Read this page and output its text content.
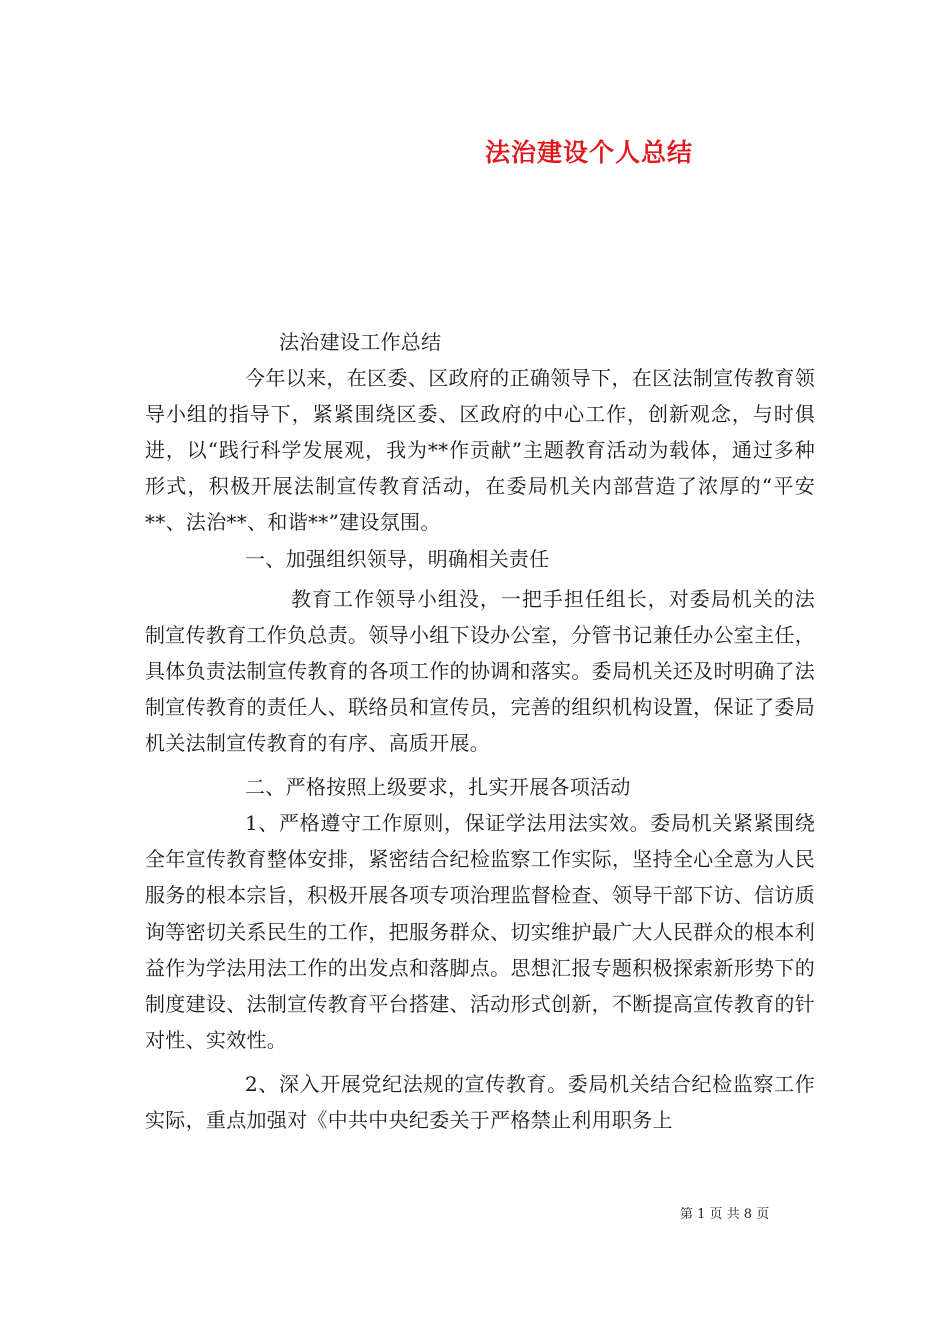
法治建设个人总结

法治建设工作总结

今年以来，在区委、区政府的正确领导下，在区法制宣传教育领导小组的指导下，紧紧围绕区委、区政府的中心工作，创新观念，与时俱进，以“践行科学发展观，我为**作贡献”主题教育活动为载体，通过多种形式，积极开展法制宣传教育活动，在委局机关内部营造了浓厚的“平安**、法治**、和谐**”建设氛围。

一、加强组织领导，明确相关责任

教育工作领导小组没，一把手担任组长，对委局机关的法制宣传教育工作负总责。领导小组下设办公室，分管书记兼任办公室主任，具体负责法制宣传教育的各项工作的协调和落实。委局机关还及时明确了法制宣传教育的责任人、联络员和宣传员，完善的组织机构设置，保证了委局机关法制宣传教育的有序、高质开展。

二、严格按照上级要求，扎实开展各项活动

1、严格遵守工作原则，保证学法用法实效。委局机关紧紧围绕全年宣传教育整体安排，紧密结合纪检监察工作实际，坚持全心全意为人民服务的根本宗旨，积极开展各项专项治理监督检查、领导干部下访、信访质询等密切关系民生的工作，把服务群众、切实维护最广大人民群众的根本利益作为学法用法工作的出发点和落脚点。思想汇报专题积极探索新形势下的制度建设、法制宣传教育平台搭建、活动形式创新，不断提高宣传教育的针对性、实效性。

2、深入开展党纪法规的宣传教育。委局机关结合纪检监察工作实际，重点加强对《中共中央纪委关于严格禁止利用职务上

第 1 页 共 8 页
